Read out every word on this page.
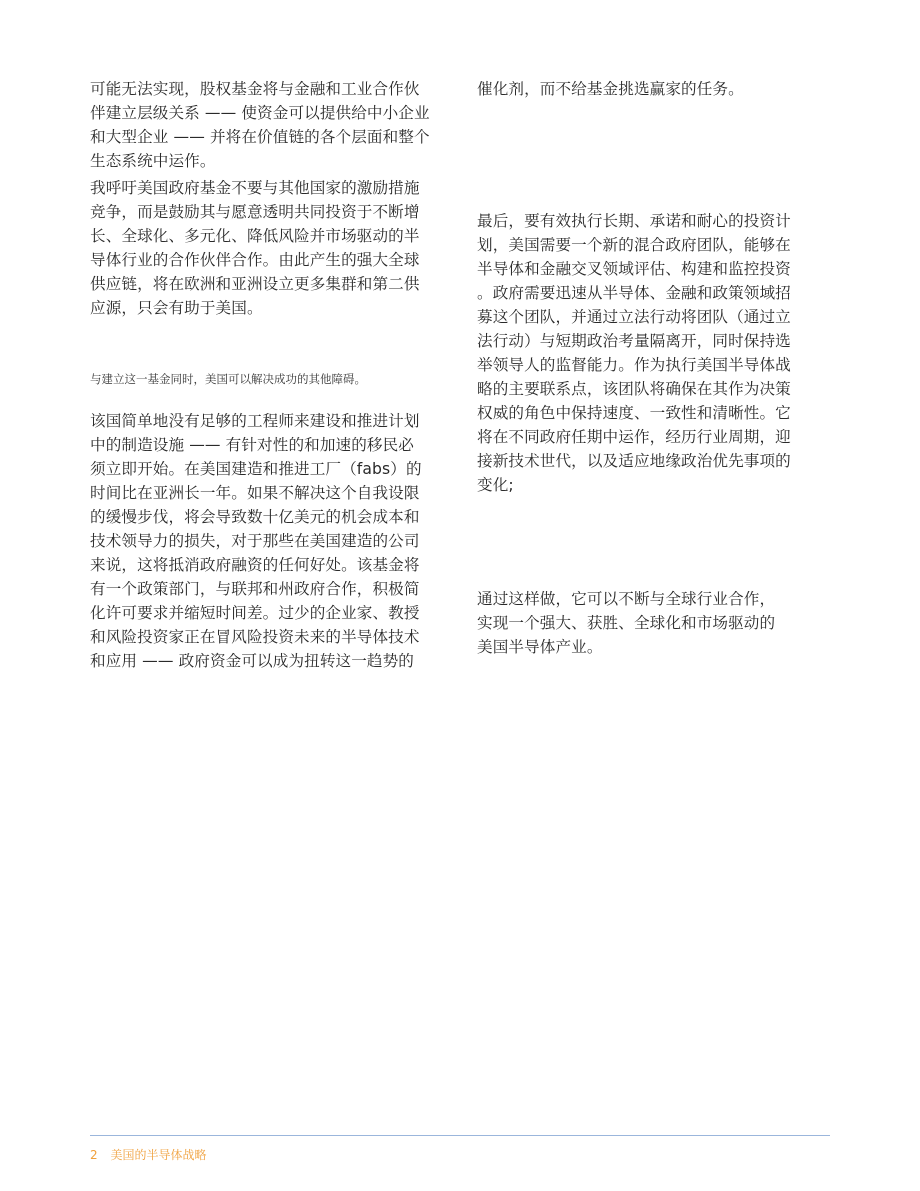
可能无法实现，股权基金将与金融和工业合作伙
伴建立层级关系 —— 使资金可以提供给中小企业
和大型企业 —— 并将在价值链的各个层面和整个
生态系统中运作。

我呼吁美国政府基金不要与其他国家的激励措施
竞争，而是鼓励其与愿意透明共同投资于不断增
长、全球化、多元化、降低风险并市场驱动的半
导体行业的合作伙伴合作。由此产生的强大全球
供应链，将在欧洲和亚洲设立更多集群和第二供
应源，只会有助于美国。

与建立这一基金同时，美国可以解决成功的其他障碍。

该国简单地没有足够的工程师来建设和推进计划
中的制造设施 —— 有针对性的和加速的移民必
须立即开始。在美国建造和推进工厂（fabs）的
时间比在亚洲长一年。如果不解决这个自我设限
的缓慢步伐，将会导致数十亿美元的机会成本和
技术领导力的损失，对于那些在美国建造的公司
来说，这将抵消政府融资的任何好处。该基金将
有一个政策部门，与联邦和州政府合作，积极简
化许可要求并缩短时间差。过少的企业家、教授
和风险投资家正在冒风险投资未来的半导体技术
和应用 —— 政府资金可以成为扭转这一趋势的

催化剂，而不给基金挑选赢家的任务。

最后，要有效执行长期、承诺和耐心的投资计
划，美国需要一个新的混合政府团队，能够在
半导体和金融交叉领域评估、构建和监控投资
。政府需要迅速从半导体、金融和政策领域招
募这个团队，并通过立法行动将团队（通过立
法行动）与短期政治考量隔离开，同时保持选
举领导人的监督能力。作为执行美国半导体战
略的主要联系点，该团队将确保在其作为决策
权威的角色中保持速度、一致性和清晰性。它
将在不同政府任期中运作，经历行业周期，迎
接新技术世代，以及适应地缘政治优先事项的
变化;

通过这样做，它可以不断与全球行业合作，
实现一个强大、获胜、全球化和市场驱动的
美国半导体产业。

2 美国的半导体战略
